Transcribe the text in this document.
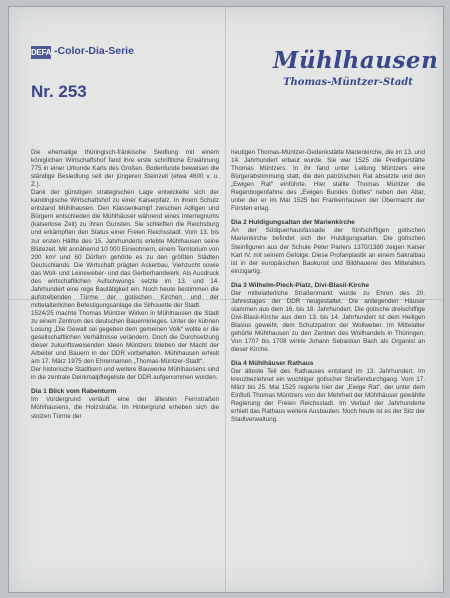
DEFA -Color-Dia-Serie
Nr. 253
Mühlhausen
Thomas-Müntzer-Stadt

Die ehemalige thüringisch-fränkische Siedlung mit einem königlichen Wirtschaftshof fand ihre erste schriftliche Erwähnung 775 in einer Urkunde Karls des Großen. Bodenfunde beweisen die ständige Besiedlung seit der jüngeren Steinzeit (etwa 4600 v. u. Z.).

Dank der günstigen strategischen Lage entwickelte sich der karolingische Wirtschaftshof zu einer Kaiserpfalz. In ihrem Schutz entstand Mühlhausen. Den Klassenkampf zwischen Adligen und Bürgern entschieden die Mühlhäuser während eines Interregnums (kaiserlose Zeit) zu ihren Gunsten. Sie schleiften die Reichsburg und erkämpften den Status einer Freien Reichsstadt. Vom 13. bis zur ersten Hälfte des 15. Jahrhunderts erlebte Mühlhausen seine Blütezeit. Mit annähernd 10 000 Einwohnern, einem Territorium von 200 km² und 60 Dörfern gehörte es zu den größten Städten Deutschlands. Die Wirtschaft prägten Ackerbau, Viehzucht sowie das Woll- und Leineweber- und das Gerberhandwerk. Als Ausdruck des wirtschaftlichen Aufschwungs setzte im 13. und 14. Jahrhundert eine rege Bautätigkeit ein. Noch heute bestimmen die aufstrebenden Türme der gotischen Kirchen und der mittelalterlichen Befestigungsanlage die Silhouette der Stadt.

1524/25 machte Thomas Müntzer Wirken in Mühlhausen die Stadt zu einem Zentrum des deutschen Bauernkrieges. Unter der kühnen Losung „Die Gewalt sei gegeben dem gemeinen Volk“ wollte er die gesellschaftlichen Verhältnisse verändern. Doch die Durchsetzung dieser zukunftsweisenden Ideen Müntzers blieben der Macht der Arbeiter und Bauern in der DDR vorbehalten. Mühlhausen erhielt am 17. März 1975 den Ehrennamen „Thomas-Müntzer-Stadt“.

Der historische Stadtkern und weitere Bauwerke Mühlhausens sind in die zentrale Denkmalpflegeliste der DDR aufgenommen worden.

Dia 1 Blick vom Rabenturm

Im Vordergrund verläuft eine der ältesten Fernstraßen Mühlhausens, die Holzstraße. Im Hintergrund erheben sich die stolzen Türme der

heutigen Thomas-Müntzer-Gedenkstätte Marienkirche, die im 13. und 14. Jahrhundert erbaut wurde. Sie war 1525 die Predigerstätte Thomas Müntzers. In ihr fand unter Leitung Müntzers eine Bürgerabstimmung statt, die den patrizischen Rat absetzte und den „Ewigen Rat“ einführte. Hier stallte Thomas Müntzer die Regenbogenfahne des „Ewigen Bundes Gottes“ neben den Altar, unter der er im Mai 1525 bei Frankenhausen der Übermacht der Fürsten erlag.

Dia 2 Huldigungsaltan der Marienkirche

An der Südquerhausfassade der fünfschiffigen gotischen Marienkirche befindet sich der Huldigungsaltan. Die gotischen Steinfiguren aus der Schule Peter Parlers 1370/1380 zeigen Kaiser Karl IV. mit seinem Gefolge. Diese Profanplastik an einem Sakralbau ist in der europäischen Baukunst und Bildhauerei des Mittelalters einzigartig.

Dia 3 Wilhelm-Pieck-Platz, Divi-Blasii-Kirche

Der mittelalterliche Straßenmarkt wurde zu Ehren des 20. Jahrestages der DDR neugestaltet. Die anliegenden Häuser stammen aus dem 16. bis 18. Jahrhundert. Die gotische dreischiffige Divi-Blasii-Kirche aus dem 13. bis 14. Jahrhundert ist dem Heiligen Blasius geweiht, dem Schutzpatron der Wollweber. Im Mittelalter gehörte Mühlhausen zu den Zentren des Wollhandels in Thüringen. Von 1707 bis 1708 wirkte Johann Sebastian Bach als Organist an dieser Kirche.

Dia 4 Mühlhäuser Rathaus

Der älteste Teil des Rathauses entstand im 13. Jahrhundert. Im kreuzbeziehnet ein wuchtiger gotischer Straßendurchgang. Vom 17. März bis 25. Mai 1525 regierte hier der „Ewige Rat“, der unter dem Einfluß Thomas Müntzers von der Mehrheit der Mühlhäuser gewählte Regierung der Freien Reichsstadt. Im Verlauf der Jahrhunderte erhielt das Rathaus weitere Ausbauten. Noch heute ist es der Sitz der Stadtverwaltung.
